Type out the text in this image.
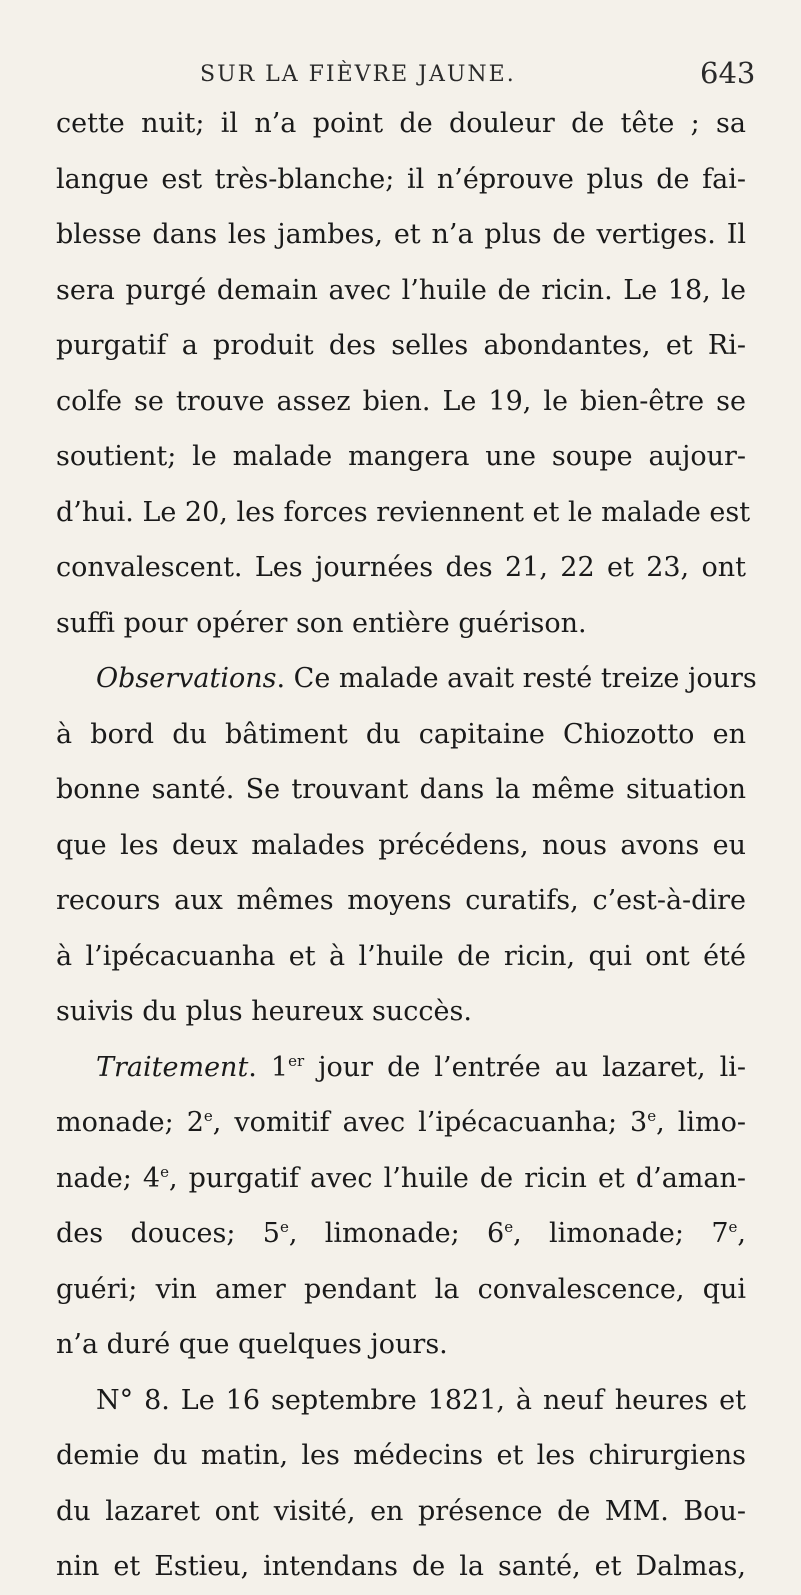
SUR LA FIÈVRE JAUNE.	643
cette nuit; il n’a point de douleur de tête ; sa
langue est très-blanche; il n’éprouve plus de fai-
blesse dans les jambes, et n’a plus de vertiges. Il
sera purgé demain avec l’huile de ricin. Le 18, le
purgatif a produit des selles abondantes, et Ri-
colfe se trouve assez bien. Le 19, le bien-être se
soutient; le malade mangera une soupe aujour-
d’hui. Le 20, les forces reviennent et le malade est
convalescent. Les journées des 21, 22 et 23, ont
suffi pour opérer son entière guérison.
Observations. Ce malade avait resté treize jours
à bord du bâtiment du capitaine Chiozotto en
bonne santé. Se trouvant dans la même situation
que les deux malades précédens, nous avons eu
recours aux mêmes moyens curatifs, c’est-à-dire
à l’ipécacuanha et à l’huile de ricin, qui ont été
suivis du plus heureux succès.
Traitement. 1er jour de l’entrée au lazaret, li-
monade; 2e, vomitif avec l’ipécacuanha; 3e, limo-
nade; 4e, purgatif avec l’huile de ricin et d’aman-
des douces; 5e, limonade; 6e, limonade; 7e,
guéri; vin amer pendant la convalescence, qui
n’a duré que quelques jours.
N° 8. Le 16 septembre 1821, à neuf heures et
demie du matin, les médecins et les chirurgiens
du lazaret ont visité, en présence de MM. Bou-
nin et Estieu, intendans de la santé, et Dalmas,
